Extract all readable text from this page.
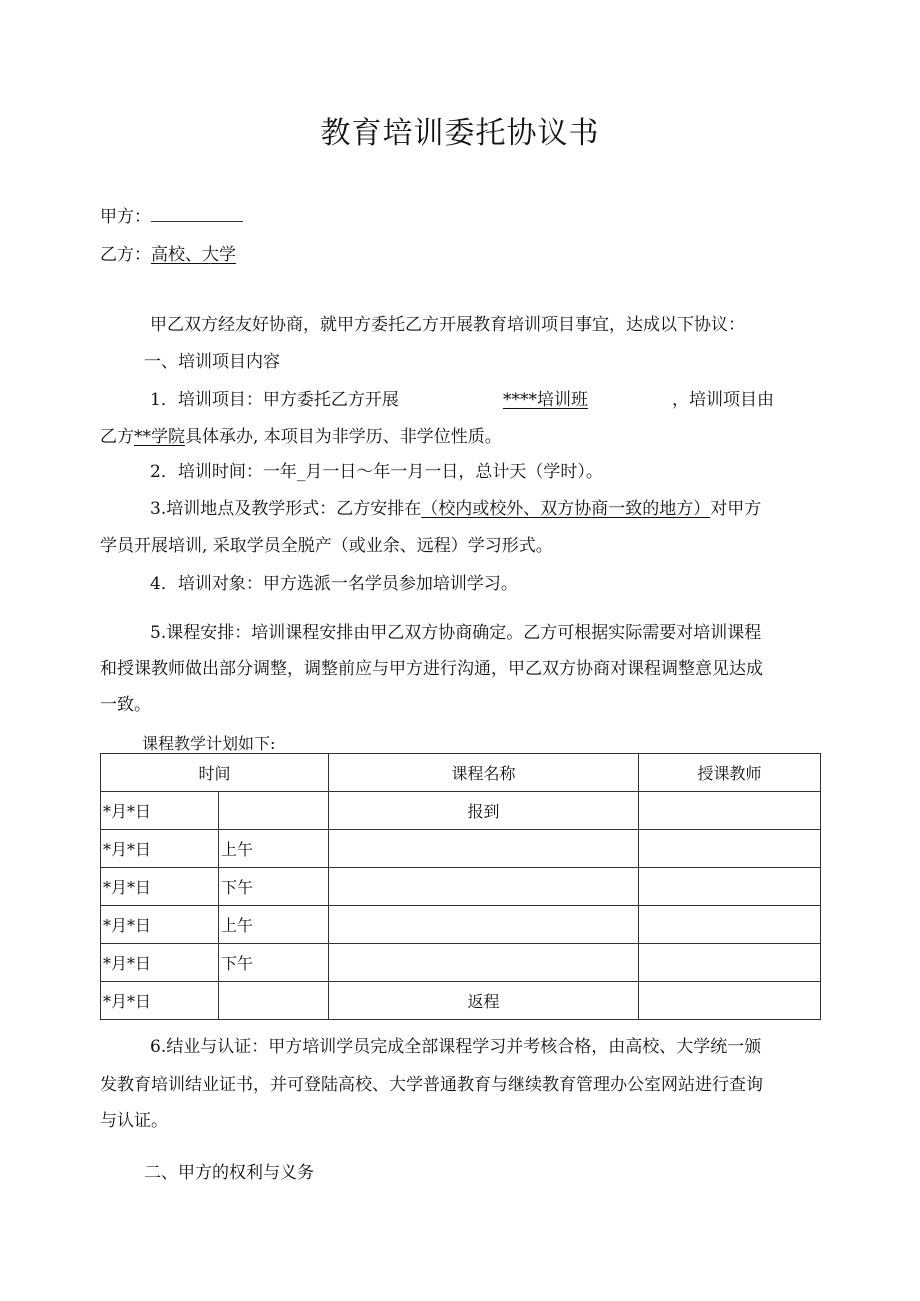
教育培训委托协议书
甲方：
乙方：高校、大学
甲乙双方经友好协商，就甲方委托乙方开展教育培训项目事宜，达成以下协议：
一、培训项目内容
1．培训项目：甲方委托乙方开展	****培训班	，培训项目由
乙方**学院具体承办, 本项目为非学历、非学位性质。
2．培训时间：一年_月一日～年一月一日，总计天（学时）。
3.培训地点及教学形式：乙方安排在（校内或校外、双方协商一致的地方）对甲方
学员开展培训, 采取学员全脱产（或业余、远程）学习形式。
4．培训对象：甲方选派一名学员参加培训学习。
5.课程安排：培训课程安排由甲乙双方协商确定。乙方可根据实际需要对培训课程
和授课教师做出部分调整，调整前应与甲方进行沟通，甲乙双方协商对课程调整意见达成
一致。
课程教学计划如下:
时间		课程名称	授课教师
*月*日		报到	
*月*日	上午		
*月*日	下午		
*月*日	上午		
*月*日	下午		
*月*日		返程	
6.结业与认证：甲方培训学员完成全部课程学习并考核合格，由高校、大学统一颁
发教育培训结业证书，并可登陆高校、大学普通教育与继续教育管理办公室网站进行查询
与认证。
二、甲方的权利与义务
